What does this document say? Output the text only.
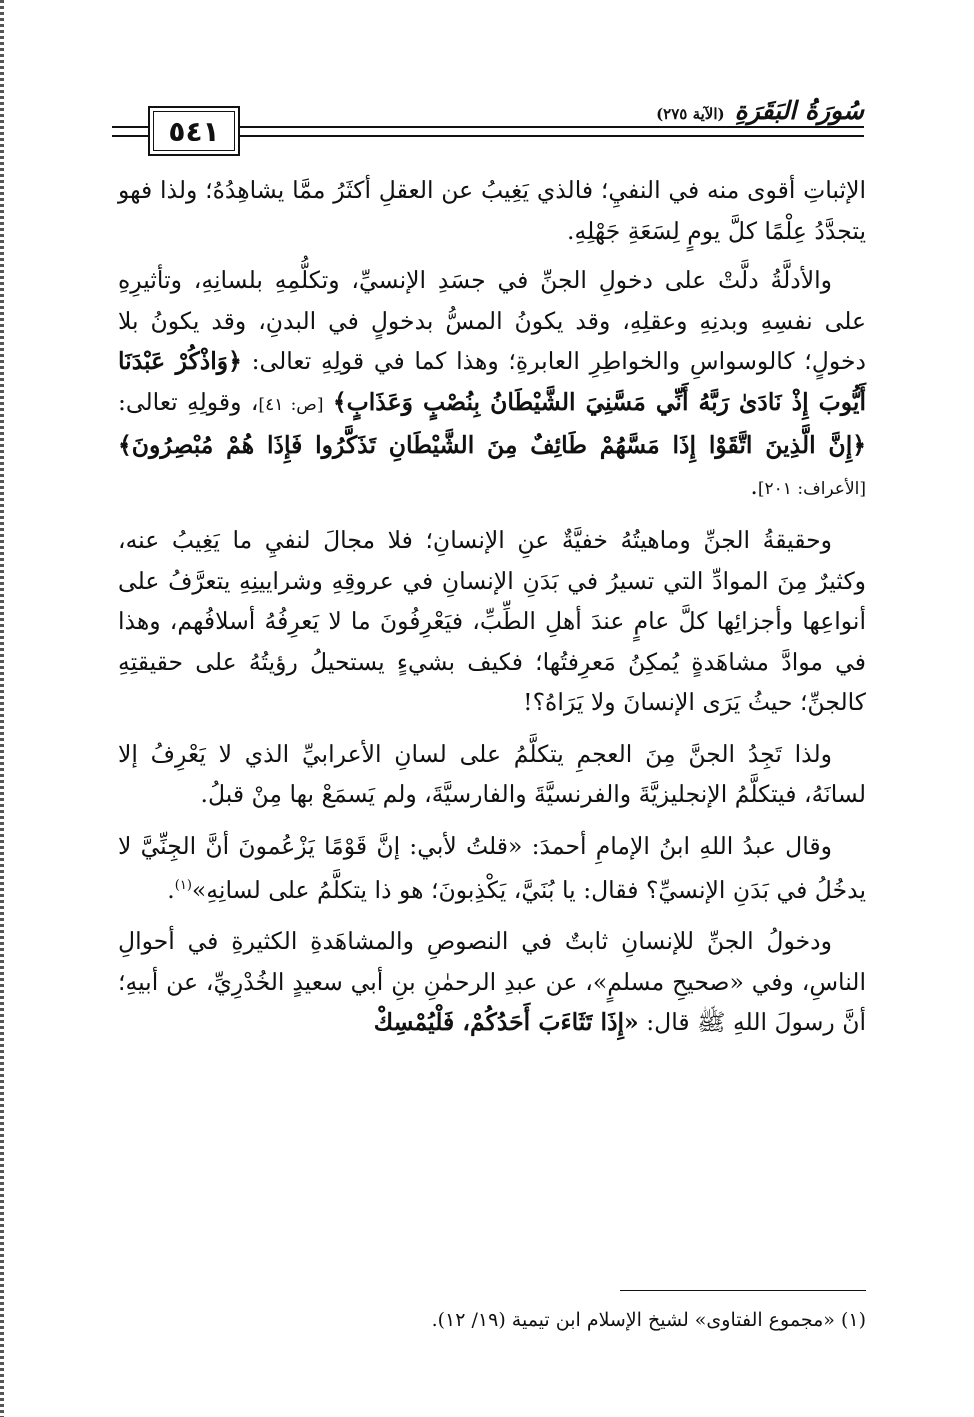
٥٤١
سُورَةُ البَقَرَةِ(الآية ٢٧٥)

الإثباتِ أقوى منه في النفيِ؛ فالذي يَغِيبُ عن العقلِ أكثَرُ ممَّا يشاهِدُهُ؛ ولذا فهو يتجدَّدُ عِلْمًا كلَّ يومٍ لِسَعَةِ جَهْلِهِ.

والأدلَّةُ دلَّتْ على دخولِ الجنِّ في جسَدِ الإنسيِّ، وتكلُّمِهِ بلسانِهِ، وتأثيرِهِ على نفسِهِ وبدنِهِ وعقلِهِ، وقد يكونُ المسُّ بدخولٍ في البدنِ، وقد يكونُ بلا دخولٍ؛ كالوسواسِ والخواطِرِ العابرةِ؛ وهذا كما في قولِهِ تعالى: ﴿وَاذْكُرْ عَبْدَنَا أَيُّوبَ إِذْ نَادَىٰ رَبَّهُ أَنِّي مَسَّنِيَ الشَّيْطَانُ بِنُصْبٍ وَعَذَابٍ﴾ [ص: ٤١]، وقولِهِ تعالى: ﴿إِنَّ الَّذِينَ اتَّقَوْا إِذَا مَسَّهُمْ طَائِفٌ مِنَ الشَّيْطَانِ تَذَكَّرُوا فَإِذَا هُمْ مُبْصِرُونَ﴾ [الأعراف: ٢٠١].

وحقيقةُ الجنِّ وماهيتُهُ خفيَّةٌ عنِ الإنسانِ؛ فلا مجالَ لنفيِ ما يَغِيبُ عنه، وكثيرٌ مِنَ الموادِّ التي تسيرُ في بَدَنِ الإنسانِ في عروقِهِ وشرايينِهِ يتعرَّفُ على أنواعِها وأجزائِها كلَّ عامٍ عندَ أهلِ الطِّبِّ، فيَعْرِفُونَ ما لا يَعرِفُهُ أسلافُهم، وهذا في موادَّ مشاهَدةٍ يُمكِنُ مَعرِفتُها؛ فكيف بشيءٍ يستحيلُ رؤيتُهُ على حقيقتِهِ كالجنِّ؛ حيثُ يَرَى الإنسانَ ولا يَرَاهُ؟!

ولذا تَجِدُ الجنَّ مِنَ العجمِ يتكلَّمُ على لسانِ الأعرابيِّ الذي لا يَعْرِفُ إلا لسانَهُ، فيتكلَّمُ الإنجليزيَّةَ والفرنسيَّةَ والفارسيَّةَ، ولم يَسمَعْ بها مِنْ قبلُ.

وقال عبدُ اللهِ ابنُ الإمامِ أحمدَ: «قلتُ لأبي: إنَّ قَوْمًا يَزْعُمونَ أنَّ الجِنِّيَّ لا يدخُلُ في بَدَنِ الإنسيِّ؟ فقال: يا بُنَيَّ، يَكْذِبونَ؛ هو ذا يتكلَّمُ على لسانِهِ»$^{(١)}$.

ودخولُ الجنِّ للإنسانِ ثابتٌ في النصوصِ والمشاهَدةِ الكثيرةِ في أحوالِ الناسِ، وفي «صحيحِ مسلمٍ»، عن عبدِ الرحمٰنِ بنِ أبي سعيدٍ الخُدْرِيِّ، عن أبيهِ؛ أنَّ رسولَ اللهِ ﷺ قال: «إِذَا تَثَاءَبَ أَحَدُكُمْ، فَلْيُمْسِكْ

(١) «مجموع الفتاوى» لشيخ الإسلام ابن تيمية (١٩/ ١٢).
